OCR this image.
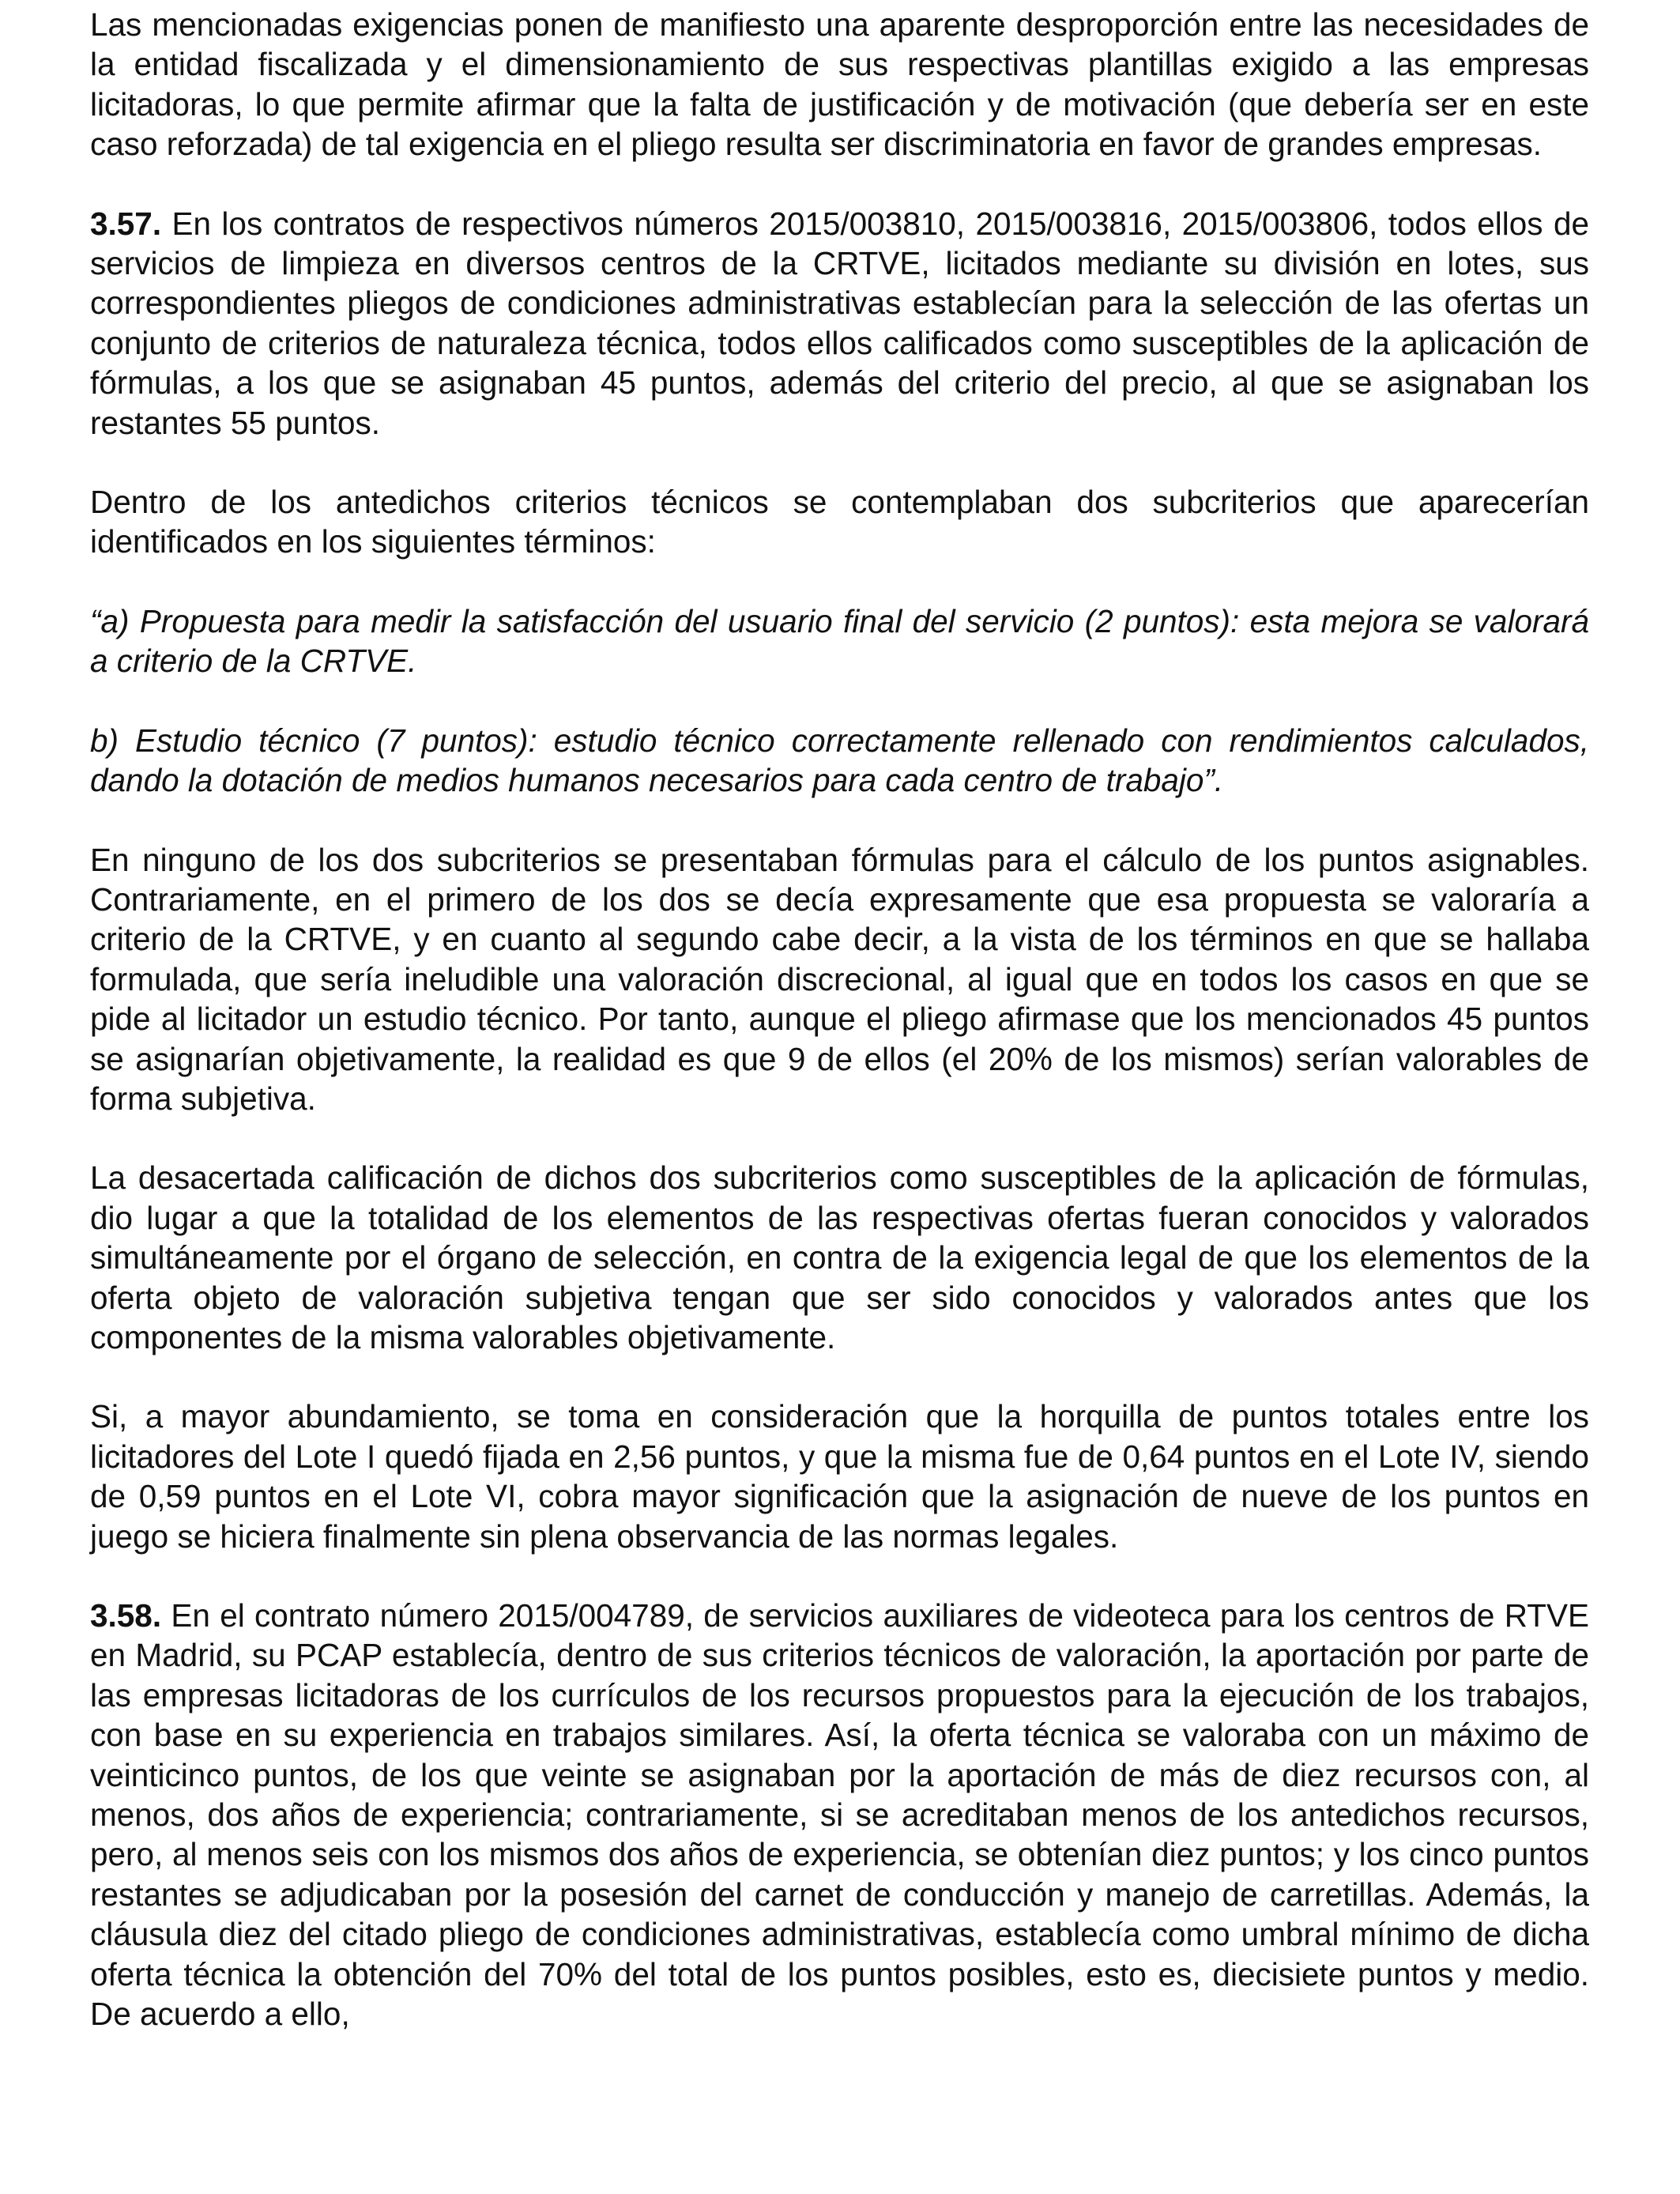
Las mencionadas exigencias ponen de manifiesto una aparente desproporción entre las necesidades de la entidad fiscalizada y el dimensionamiento de sus respectivas plantillas exigido a las empresas licitadoras, lo que permite afirmar que la falta de justificación y de motivación (que debería ser en este caso reforzada) de tal exigencia en el pliego resulta ser discriminatoria en favor de grandes empresas.

3.57. En los contratos de respectivos números 2015/003810, 2015/003816, 2015/003806, todos ellos de servicios de limpieza en diversos centros de la CRTVE, licitados mediante su división en lotes, sus correspondientes pliegos de condiciones administrativas establecían para la selección de las ofertas un conjunto de criterios de naturaleza técnica, todos ellos calificados como susceptibles de la aplicación de fórmulas, a los que se asignaban 45 puntos, además del criterio del precio, al que se asignaban los restantes 55 puntos.

Dentro de los antedichos criterios técnicos se contemplaban dos subcriterios que aparecerían identificados en los siguientes términos:

“a) Propuesta para medir la satisfacción del usuario final del servicio (2 puntos): esta mejora se valorará a criterio de la CRTVE.

b) Estudio técnico (7 puntos): estudio técnico correctamente rellenado con rendimientos calculados, dando la dotación de medios humanos necesarios para cada centro de trabajo”.

En ninguno de los dos subcriterios se presentaban fórmulas para el cálculo de los puntos asignables. Contrariamente, en el primero de los dos se decía expresamente que esa propuesta se valoraría a criterio de la CRTVE, y en cuanto al segundo cabe decir, a la vista de los términos en que se hallaba formulada, que sería ineludible una valoración discrecional, al igual que en todos los casos en que se pide al licitador un estudio técnico. Por tanto, aunque el pliego afirmase que los mencionados 45 puntos se asignarían objetivamente, la realidad es que 9 de ellos (el 20% de los mismos) serían valorables de forma subjetiva.

La desacertada calificación de dichos dos subcriterios como susceptibles de la aplicación de fórmulas, dio lugar a que la totalidad de los elementos de las respectivas ofertas fueran conocidos y valorados simultáneamente por el órgano de selección, en contra de la exigencia legal de que los elementos de la oferta objeto de valoración subjetiva tengan que ser sido conocidos y valorados antes que los componentes de la misma valorables objetivamente.

Si, a mayor abundamiento, se toma en consideración que la horquilla de puntos totales entre los licitadores del Lote I quedó fijada en 2,56 puntos, y que la misma fue de 0,64 puntos en el Lote IV, siendo de 0,59 puntos en el Lote VI, cobra mayor significación que la asignación de nueve de los puntos en juego se hiciera finalmente sin plena observancia de las normas legales.

3.58. En el contrato número 2015/004789, de servicios auxiliares de videoteca para los centros de RTVE en Madrid, su PCAP establecía, dentro de sus criterios técnicos de valoración, la aportación por parte de las empresas licitadoras de los currículos de los recursos propuestos para la ejecución de los trabajos, con base en su experiencia en trabajos similares. Así, la oferta técnica se valoraba con un máximo de veinticinco puntos, de los que veinte se asignaban por la aportación de más de diez recursos con, al menos, dos años de experiencia; contrariamente, si se acreditaban menos de los antedichos recursos, pero, al menos seis con los mismos dos años de experiencia, se obtenían diez puntos; y los cinco puntos restantes se adjudicaban por la posesión del carnet de conducción y manejo de carretillas. Además, la cláusula diez del citado pliego de condiciones administrativas, establecía como umbral mínimo de dicha oferta técnica la obtención del 70% del total de los puntos posibles, esto es, diecisiete puntos y medio. De acuerdo a ello,
